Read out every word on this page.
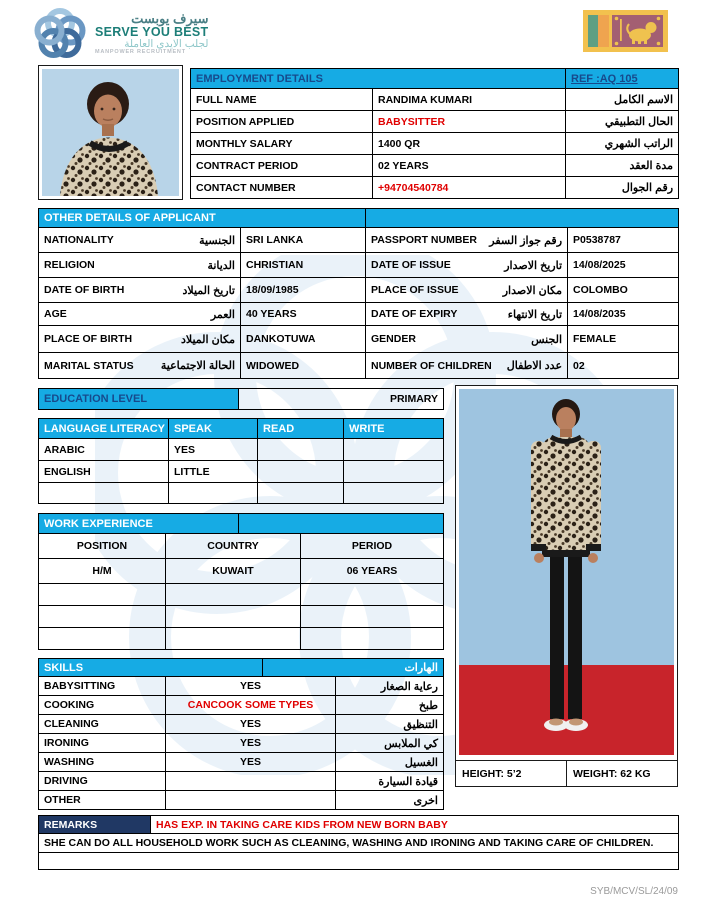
سيرف يوبست
SERVE YOU BEST
لجلب الايدي العاملة
MANPOWER RECRUITMENT
EMPLOYMENT DETAILS		REF :AQ 105
FULL NAME	RANDIMA KUMARI	الاسم الكامل
POSITION APPLIED	BABYSITTER	الحال التطبيقي
MONTHLY SALARY	1400 QR	الراتب الشهري
CONTRACT PERIOD	02 YEARS	مدة العقد
CONTACT NUMBER	+94704540784	رقم الجوال
OTHER DETAILS OF APPLICANT			

NATIONALITY الجنسية	SRI LANKA	PASSPORT NUMBER رقم جواز السفر	P0538787

RELIGION الديانة	CHRISTIAN	DATE OF ISSUE تاريخ الاصدار	14/08/2025

DATE OF BIRTH تاريخ الميلاد	18/09/1985	PLACE OF ISSUE مكان الاصدار	COLOMBO

AGE العمر	40 YEARS	DATE OF EXPIRY تاريخ الانتهاء	14/08/2035

PLACE OF BIRTH مكان الميلاد	DANKOTUWA	GENDER الجنس	FEMALE

MARITAL STATUS الحالة الاجتماعية	WIDOWED	NUMBER OF CHILDREN عدد الاطفال	02
EDUCATION LEVEL	PRIMARY
LANGUAGE LITERACY	SPEAK	READ	WRITE
ARABIC	YES		
ENGLISH	LITTLE		

WORK EXPERIENCE	
POSITION	COUNTRY	PERIOD
H/M	KUWAIT	06 YEARS

SKILLS	الهارات
BABYSITTING	YES	رعاية الصغار
COOKING	CANCOOK SOME TYPES	طبخ
CLEANING	YES	التنظيق
IRONING	YES	كي الملابس
WASHING	YES	الغسيل
DRIVING		قيادة السيارة
OTHER		اخرى
HEIGHT: 5’2	WEIGHT: 62 KG
REMARKS	HAS EXP. IN TAKING CARE KIDS FROM NEW BORN BABY
SHE CAN DO ALL HOUSEHOLD WORK SUCH AS CLEANING, WASHING AND IRONING AND TAKING CARE OF CHILDREN.

SYB/MCV/SL/24/09
